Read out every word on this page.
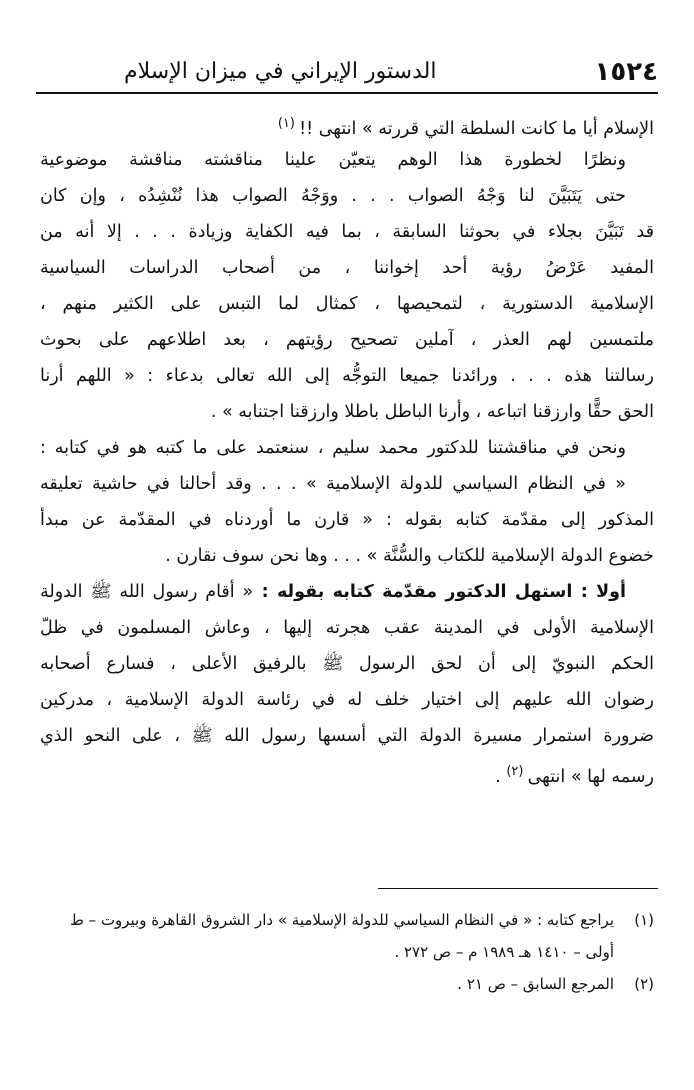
١٥٢٤
الدستور الإيراني في ميزان الإسلام
الإسلام أيا ما كانت السلطة التي قررته » انتهى !! $^{(١)}$
ونظرًا لخطورة هذا الوهم يتعيّن علينا مناقشته مناقشة موضوعية
حتى يَتَبَيَّنَ لنا وَجْهُ الصواب . . . ووَجْهُ الصواب هذا نُنْشِدُه ، وإن كان
قد تَبَيَّنَ بجلاء في بحوثنا السابقة ، بما فيه الكفاية وزيادة . . . إلا أنه من
المفيد عَرْضُ رؤية أحد إخواننا ، من أصحاب الدراسات السياسية
الإسلامية الدستورية ، لتمحيصها ، كمثال لما التبس على الكثير منهم ،
ملتمسين لهم العذر ، آملين تصحيح رؤيتهم ، بعد اطلاعهم على بحوث
رسالتنا هذه . . . ورائدنا جميعا التوجُّه إلى الله تعالى بدعاء : « اللهم أرنا
الحق حقًّا وارزقنا اتباعه ، وأرنا الباطل باطلا وارزقنا اجتنابه » .
ونحن في مناقشتنا للدكتور محمد سليم ، سنعتمد على ما كتبه هو في كتابه :
« في النظام السياسي للدولة الإسلامية » . . . وقد أحالنا في حاشية تعليقه
المذكور إلى مقدّمة كتابه بقوله : « قارن ما أوردناه في المقدّمة عن مبدأ
خضوع الدولة الإسلامية للكتاب والسُّنَّة » . . . وها نحن سوف نقارن .
أولا : استهل الدكتور مقدّمة كتابه بقوله : « أقام رسول الله ﷺ الدولة
الإسلامية الأولى في المدينة عقب هجرته إليها ، وعاش المسلمون في ظلّ
الحكم النبويّ إلى أن لحق الرسول ﷺ بالرفيق الأعلى ، فسارع أصحابه
رضوان الله عليهم إلى اختيار خلف له في رئاسة الدولة الإسلامية ، مدركين
ضرورة استمرار مسيرة الدولة التي أسسها رسول الله ﷺ ، على النحو الذي
رسمه لها » انتهى $^{(٢)}$ .
(١)
يراجع كتابه : « في النظام السياسي للدولة الإسلامية » دار الشروق القاهرة وبيروت – ط
أولى – ١٤١٠ هـ ١٩٨٩ م – ص ٢٧٢ .
(٢)
المرجع السابق – ص ٢١ .
